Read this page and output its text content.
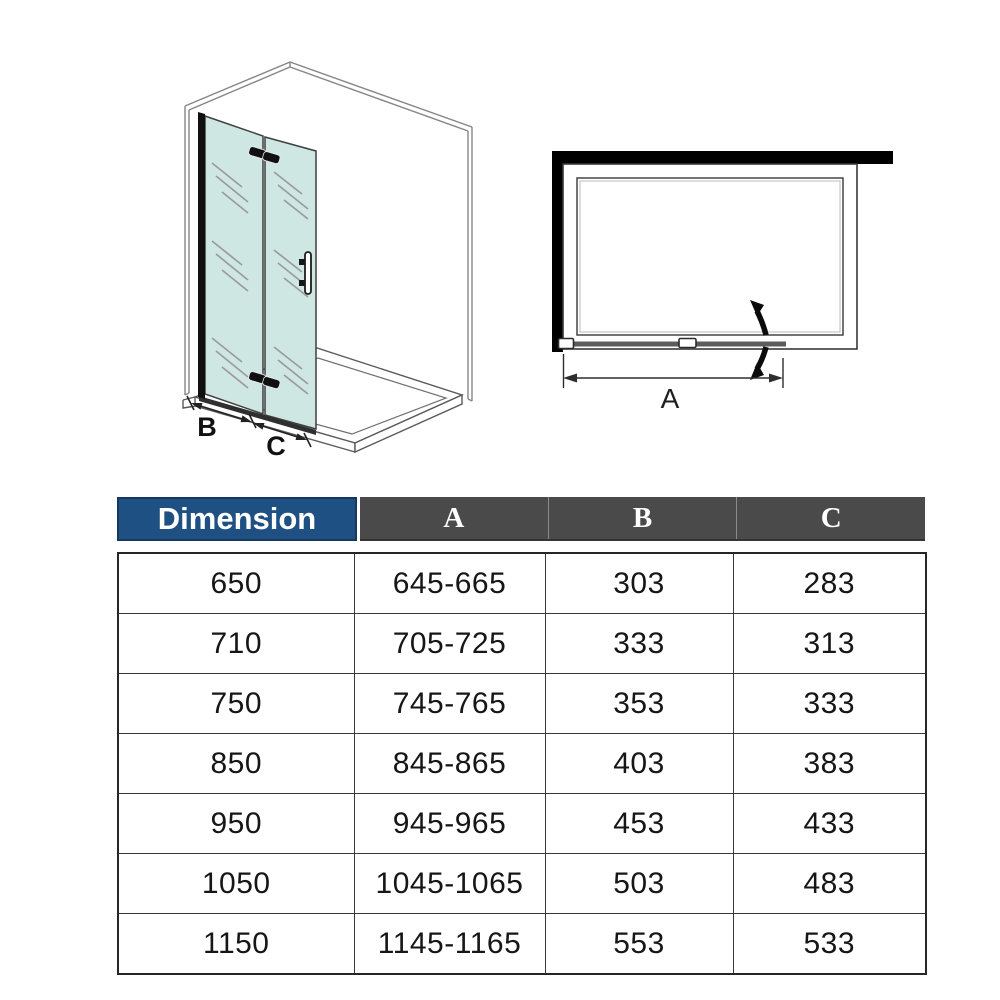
B
C
A
Dimension	A	B	C
650	645-665	303	283
710	705-725	333	313
750	745-765	353	333
850	845-865	403	383
950	945-965	453	433
1050	1045-1065	503	483
1150	1145-1165	553	533
